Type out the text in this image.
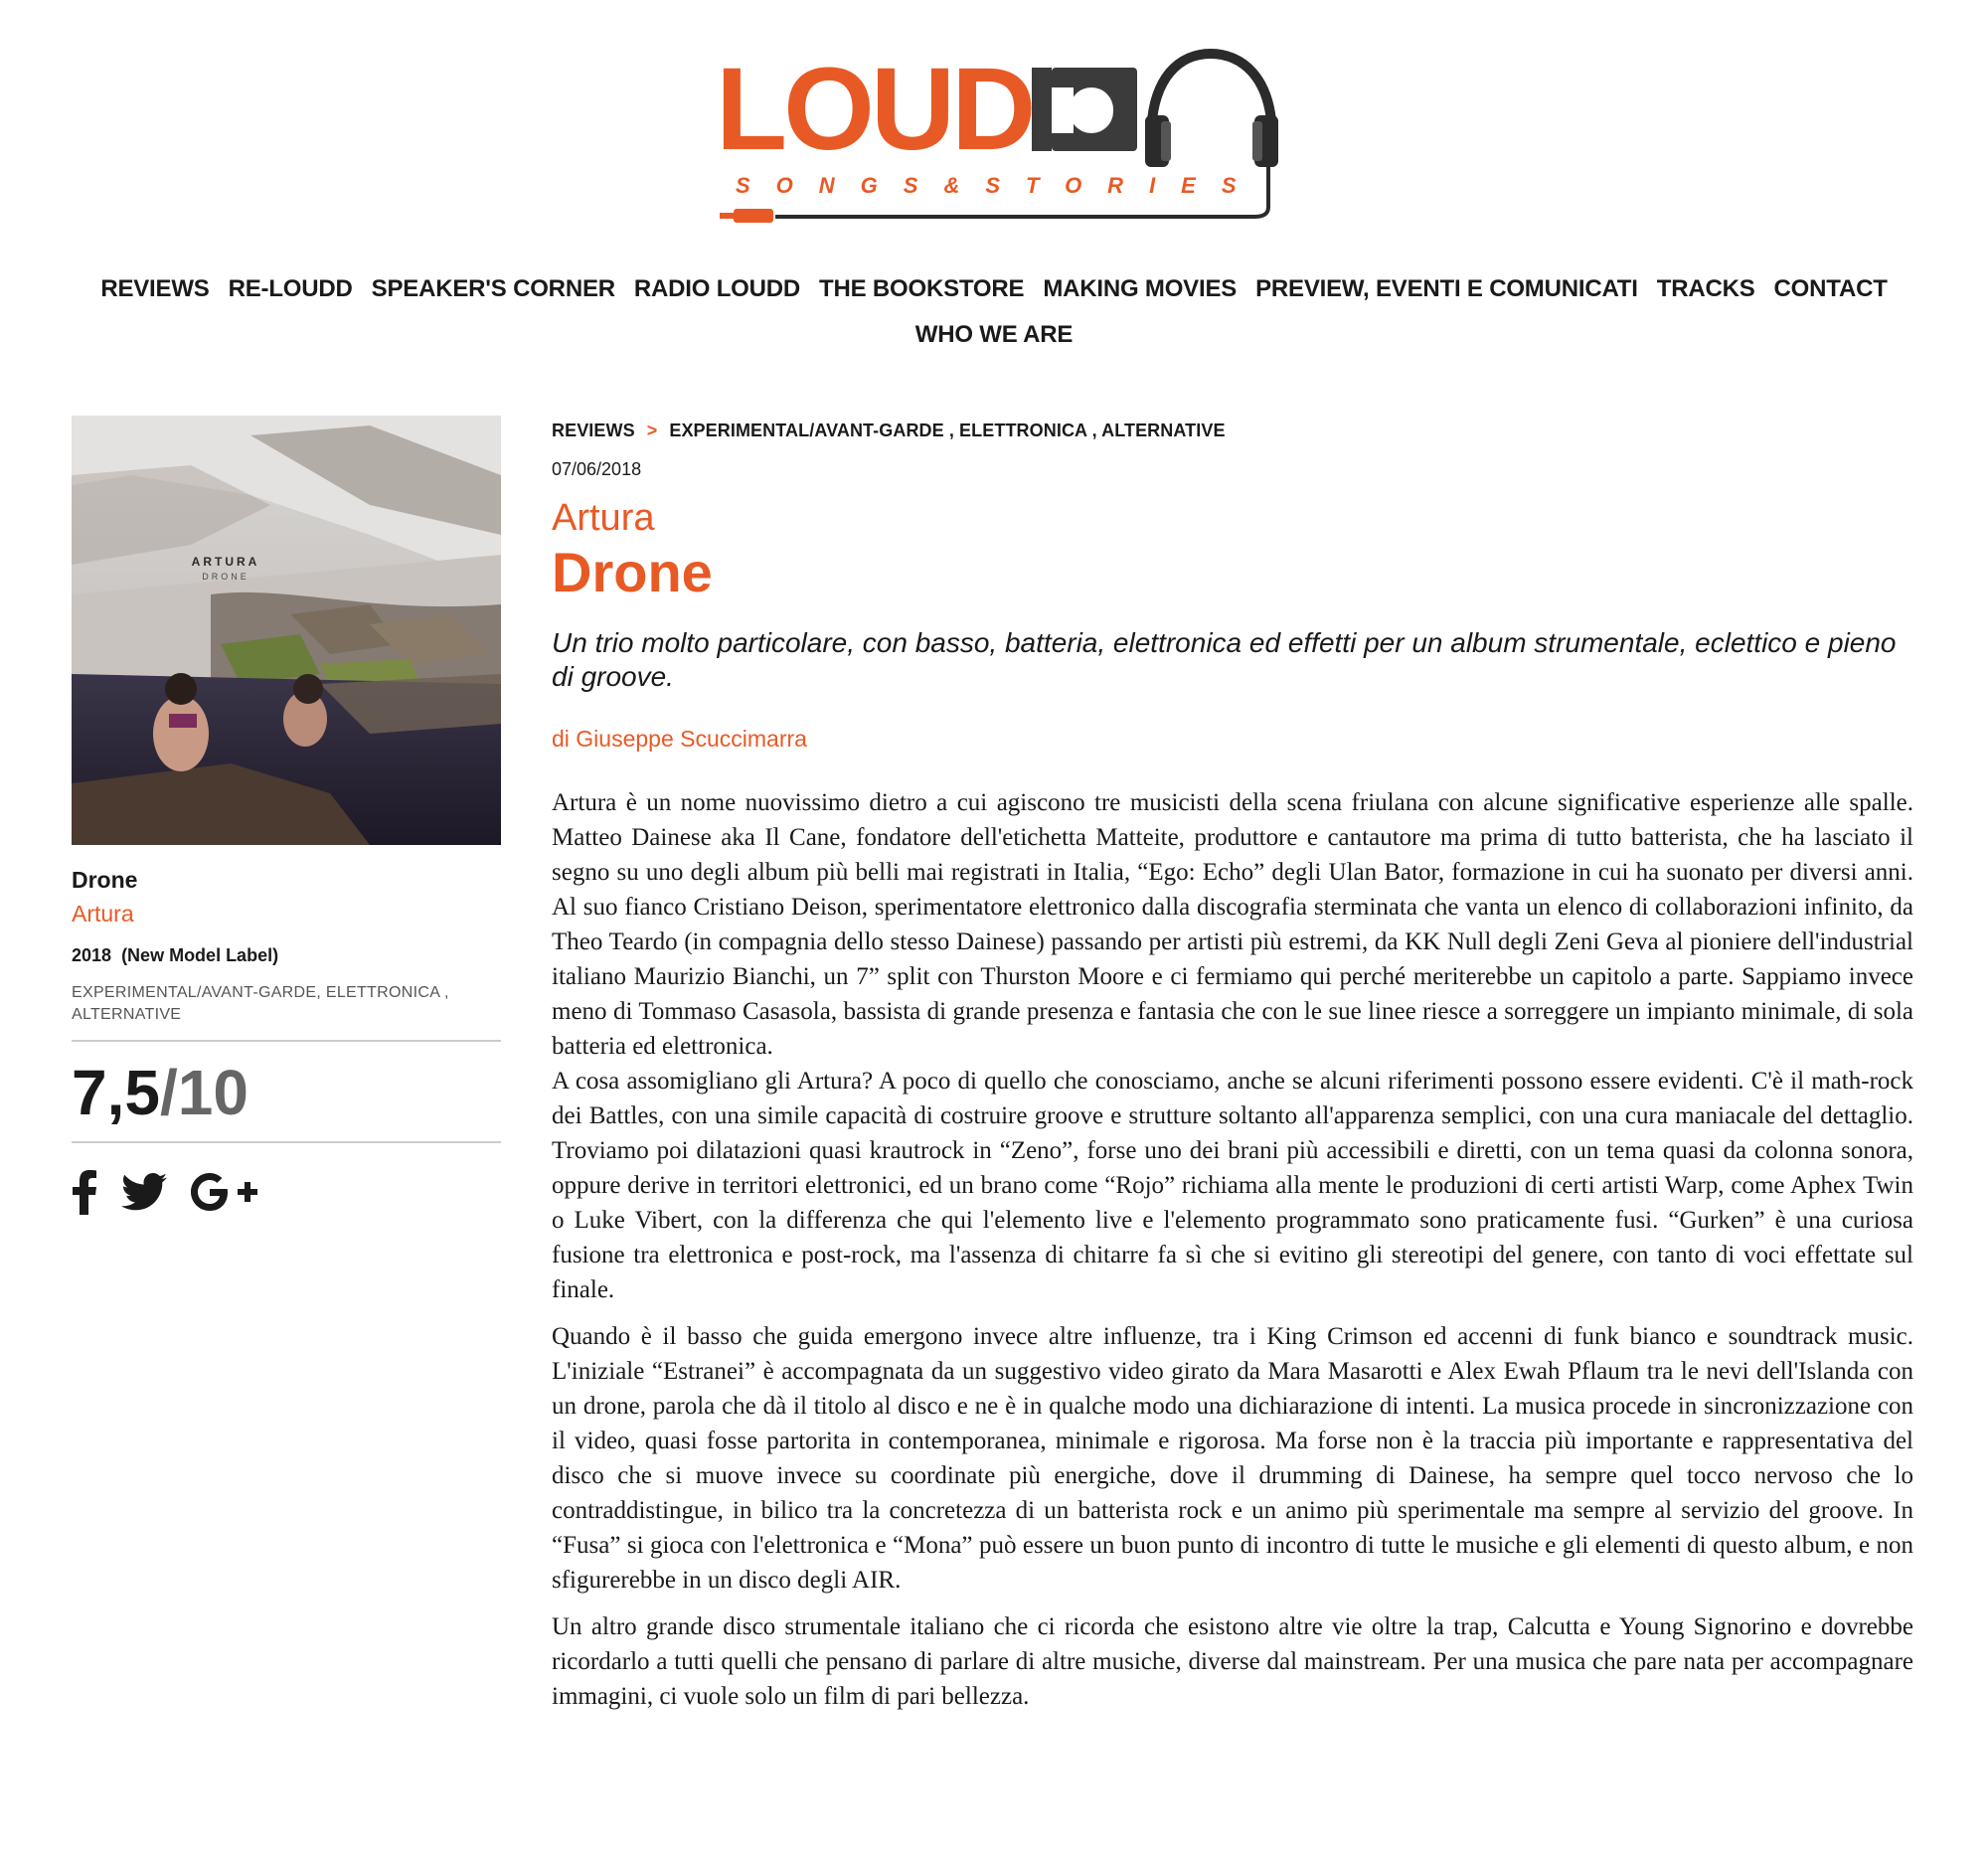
LOUD
SONGS&STORIES
REVIEWS RE-LOUDD SPEAKER'S CORNER RADIO LOUDD THE BOOKSTORE MAKING MOVIES PREVIEW, EVENTI E COMUNICATI TRACKS CONTACT
WHO WE ARE
ARTURA
DRONE
Drone
Artura
2018 (New Model Label)
EXPERIMENTAL/AVANT-GARDE, ELETTRONICA , ALTERNATIVE
7,5/10
REVIEWS > EXPERIMENTAL/AVANT-GARDE , ELETTRONICA , ALTERNATIVE
07/06/2018
Artura
Drone
Un trio molto particolare, con basso, batteria, elettronica ed effetti per un album strumentale, eclettico e pieno di groove.
di Giuseppe Scuccimarra

Artura è un nome nuovissimo dietro a cui agiscono tre musicisti della scena friulana con alcune significative esperienze alle spalle. Matteo Dainese aka Il Cane, fondatore dell'etichetta Matteite, produttore e cantautore ma prima di tutto batterista, che ha lasciato il segno su uno degli album più belli mai registrati in Italia, “Ego: Echo” degli Ulan Bator, formazione in cui ha suonato per diversi anni. Al suo fianco Cristiano Deison, sperimentatore elettronico dalla discografia sterminata che vanta un elenco di collaborazioni infinito, da Theo Teardo (in compagnia dello stesso Dainese) passando per artisti più estremi, da KK Null degli Zeni Geva al pioniere dell'industrial italiano Maurizio Bianchi, un 7” split con Thurston Moore e ci fermiamo qui perché meriterebbe un capitolo a parte. Sappiamo invece meno di Tommaso Casasola, bassista di grande presenza e fantasia che con le sue linee riesce a sorreggere un impianto minimale, di sola batteria ed elettronica.

A cosa assomigliano gli Artura? A poco di quello che conosciamo, anche se alcuni riferimenti possono essere evidenti. C'è il math-rock dei Battles, con una simile capacità di costruire groove e strutture soltanto all'apparenza semplici, con una cura maniacale del dettaglio. Troviamo poi dilatazioni quasi krautrock in “Zeno”, forse uno dei brani più accessibili e diretti, con un tema quasi da colonna sonora, oppure derive in territori elettronici, ed un brano come “Rojo” richiama alla mente le produzioni di certi artisti Warp, come Aphex Twin o Luke Vibert, con la differenza che qui l'elemento live e l'elemento programmato sono praticamente fusi. “Gurken” è una curiosa fusione tra elettronica e post-rock, ma l'assenza di chitarre fa sì che si evitino gli stereotipi del genere, con tanto di voci effettate sul finale.

Quando è il basso che guida emergono invece altre influenze, tra i King Crimson ed accenni di funk bianco e soundtrack music. L'iniziale “Estranei” è accompagnata da un suggestivo video girato da Mara Masarotti e Alex Ewah Pflaum tra le nevi dell'Islanda con un drone, parola che dà il titolo al disco e ne è in qualche modo una dichiarazione di intenti. La musica procede in sincronizzazione con il video, quasi fosse partorita in contemporanea, minimale e rigorosa. Ma forse non è la traccia più importante e rappresentativa del disco che si muove invece su coordinate più energiche, dove il drumming di Dainese, ha sempre quel tocco nervoso che lo contraddistingue, in bilico tra la concretezza di un batterista rock e un animo più sperimentale ma sempre al servizio del groove. In “Fusa” si gioca con l'elettronica e “Mona” può essere un buon punto di incontro di tutte le musiche e gli elementi di questo album, e non sfigurerebbe in un disco degli AIR.

Un altro grande disco strumentale italiano che ci ricorda che esistono altre vie oltre la trap, Calcutta e Young Signorino e dovrebbe ricordarlo a tutti quelli che pensano di parlare di altre musiche, diverse dal mainstream. Per una musica che pare nata per accompagnare immagini, ci vuole solo un film di pari bellezza.
